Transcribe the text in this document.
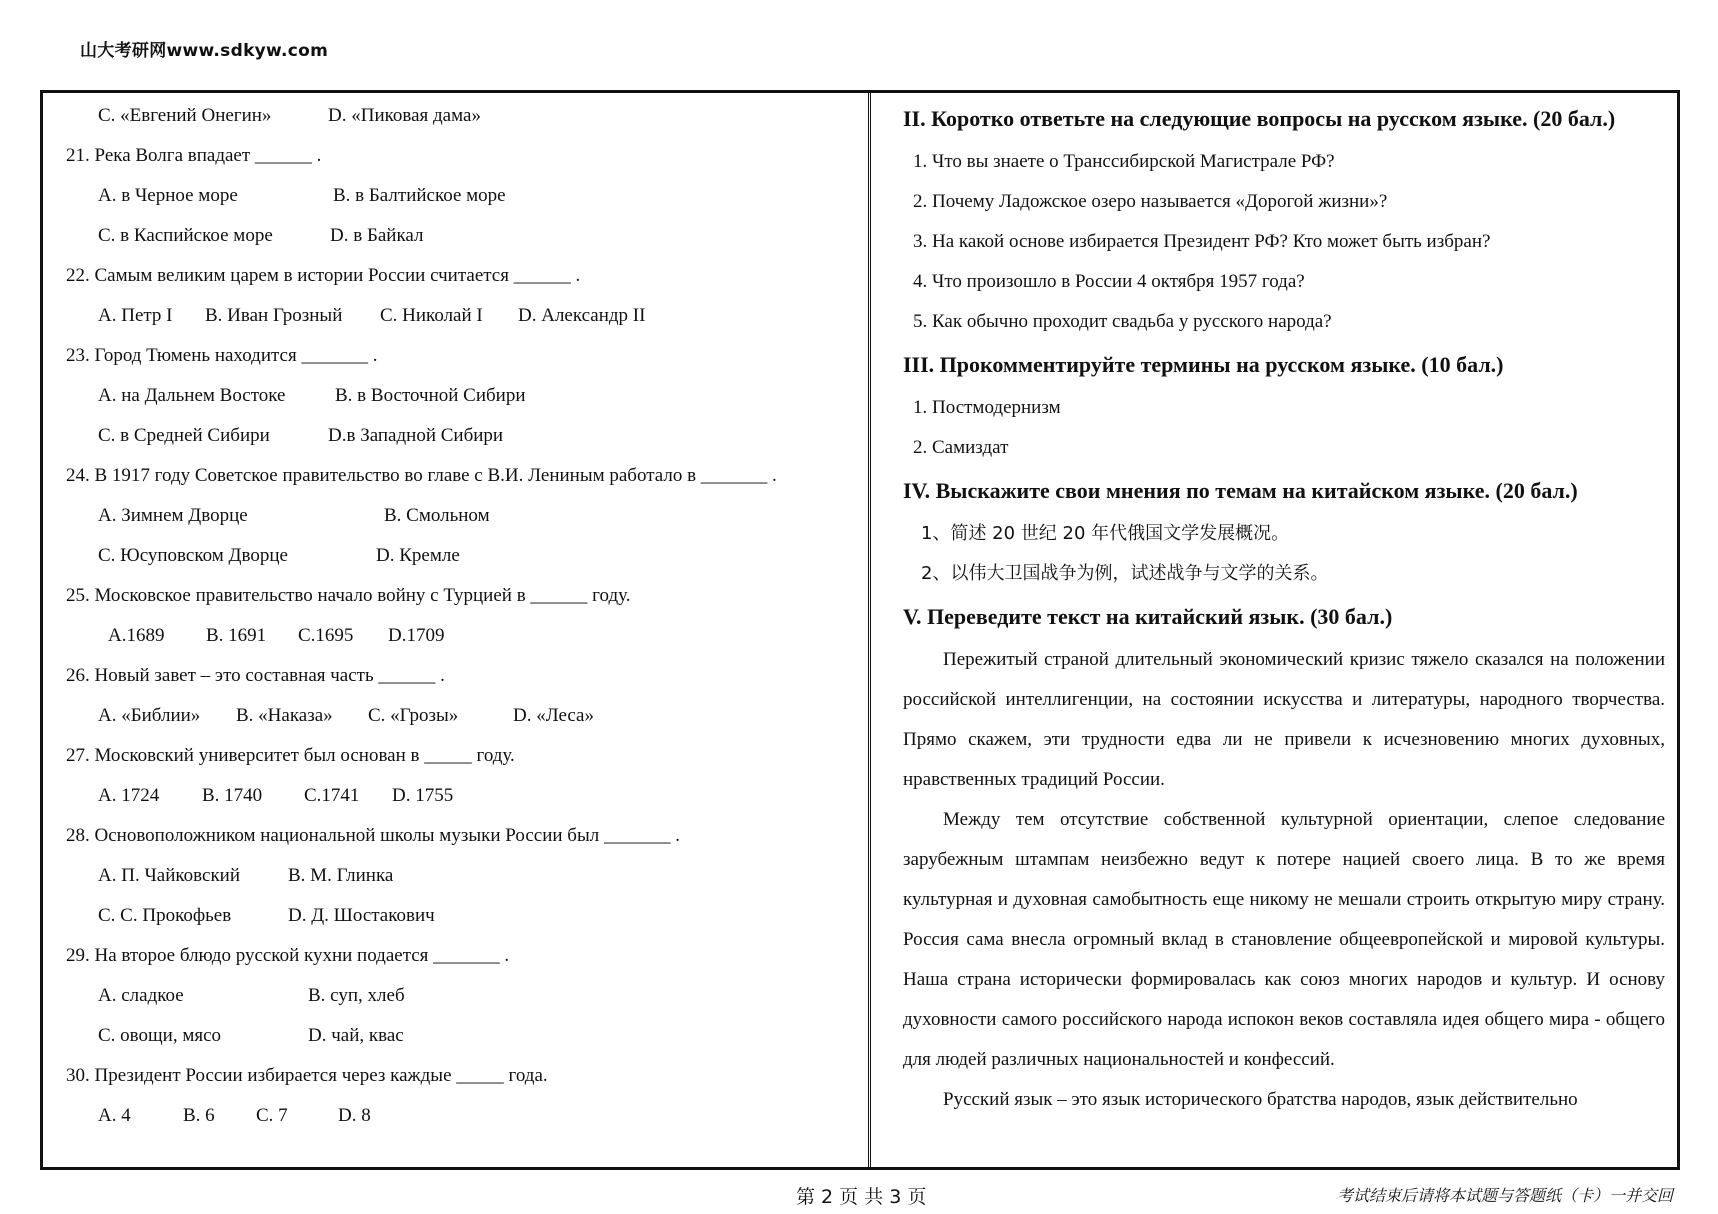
山大考研网www.sdkyw.com
C. «Евгений Онегин»	D. «Пиковая дама»
21. Река Волга впадает ______ .
А. в Черное море	В. в Балтийское море
С. в Каспийское море	D. в Байкал
22. Самым великим царем в истории России считается ______ .
А. Петр I В. Иван Грозный С. Николай I D. Александр II
23. Город Тюмень находится _______ .
А. на Дальнем Востоке	В. в Восточной Сибири
С. в Средней Сибири	D.в Западной Сибири
24. В 1917 году Советское правительство во главе с В.И. Лениным работало в _______ .
А. Зимнем Дворце	В. Смольном
С. Юсуповском Дворце	D. Кремле
25. Московское правительство начало войну с Турцией в ______ году.
А.1689 В. 1691 С.1695 D.1709
26. Новый завет – это составная часть ______ .
А. «Библии» В. «Наказа» С. «Грозы»	D. «Леса»
27. Московский университет был основан в _____ году.
А. 1724 В. 1740 С.1741 D. 1755
28. Основоположником национальной школы музыки России был _______ .
А. П. Чайковский	В. М. Глинка
С. С. Прокофьев	D. Д. Шостакович
29. На второе блюдо русской кухни подается _______ .
А. сладкое	В. суп, хлеб
С. овощи, мясо	D. чай, квас
30. Президент России избирается через каждые _____ года.
А. 4	В. 6 С. 7	D. 8
II. Коротко ответьте на следующие вопросы на русском языке. (20 бал.)
1. Что вы знаете о Транссибирской Магистрале РФ?
2. Почему Ладожское озеро называется «Дорогой жизни»?
3. На какой основе избирается Президент РФ? Кто может быть избран?
4. Что произошло в России 4 октября 1957 года?
5. Как обычно проходит свадьба у русского народа?
III. Прокомментируйте термины на русском языке. (10 бал.)
1. Постмодернизм
2. Самиздат
IV. Выскажите свои мнения по темам на китайском языке. (20 бал.)
1、简述 20 世纪 20 年代俄国文学发展概况。
2、以伟大卫国战争为例，试述战争与文学的关系。
V. Переведите текст на китайский язык. (30 бал.)

Пережитый страной длительный экономический кризис тяжело сказался на положении российской интеллигенции, на состоянии искусства и литературы, народного творчества. Прямо скажем, эти трудности едва ли не привели к исчезновению многих духовных, нравственных традиций России.

Между тем отсутствие собственной культурной ориентации, слепое следование зарубежным штампам неизбежно ведут к потере нацией своего лица. В то же время культурная и духовная самобытность еще никому не мешали строить открытую миру страну. Россия сама внесла огромный вклад в становление общеевропейской и мировой культуры. Наша страна исторически формировалась как союз многих народов и культур. И основу духовности самого российского народа испокон веков составляла идея общего мира - общего для людей различных национальностей и конфессий.

Русский язык – это язык исторического братства народов, язык действительно

第 2 页 共 3 页	考试结束后请将本试题与答题纸（卡）一并交回
